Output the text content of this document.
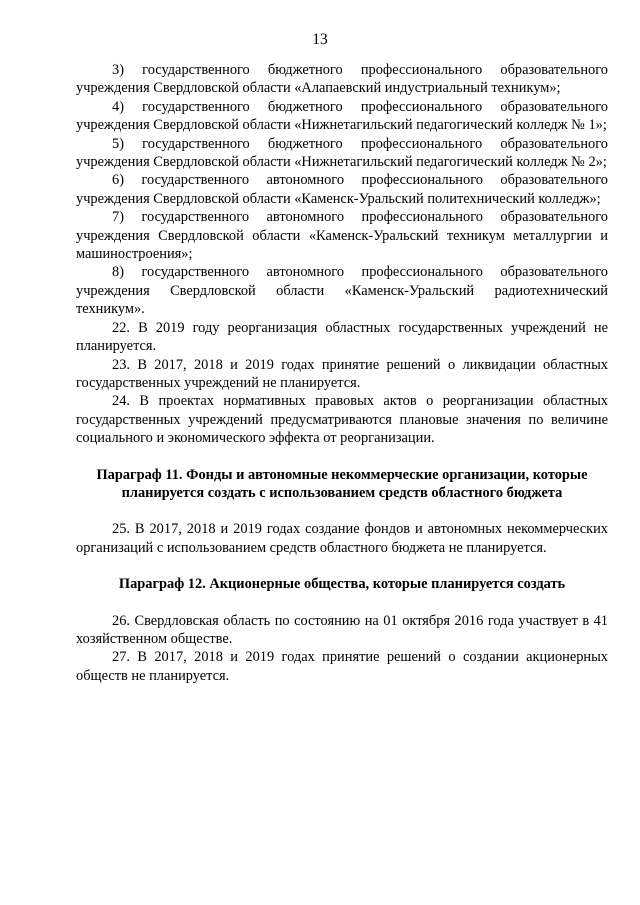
13

3) государственного бюджетного профессионального образовательного учреждения Свердловской области «Алапаевский индустриальный техникум»;

4) государственного бюджетного профессионального образовательного учреждения Свердловской области «Нижнетагильский педагогический колледж № 1»;

5) государственного бюджетного профессионального образовательного учреждения Свердловской области «Нижнетагильский педагогический колледж № 2»;

6) государственного автономного профессионального образовательного учреждения Свердловской области «Каменск-Уральский политехнический колледж»;

7) государственного автономного профессионального образовательного учреждения Свердловской области «Каменск-Уральский техникум металлургии и машиностроения»;

8) государственного автономного профессионального образовательного учреждения Свердловской области «Каменск-Уральский радиотехнический техникум».

22. В 2019 году реорганизация областных государственных учреждений не планируется.

23. В 2017, 2018 и 2019 годах принятие решений о ликвидации областных государственных учреждений не планируется.

24. В проектах нормативных правовых актов о реорганизации областных государственных учреждений предусматриваются плановые значения по величине социального и экономического эффекта от реорганизации.

Параграф 11. Фонды и автономные некоммерческие организации, которые планируется создать с использованием средств областного бюджета

25. В 2017, 2018 и 2019 годах создание фондов и автономных некоммерческих организаций с использованием средств областного бюджета не планируется.

Параграф 12. Акционерные общества, которые планируется создать

26. Свердловская область по состоянию на 01 октября 2016 года участвует в 41 хозяйственном обществе.

27. В 2017, 2018 и 2019 годах принятие решений о создании акционерных обществ не планируется.
